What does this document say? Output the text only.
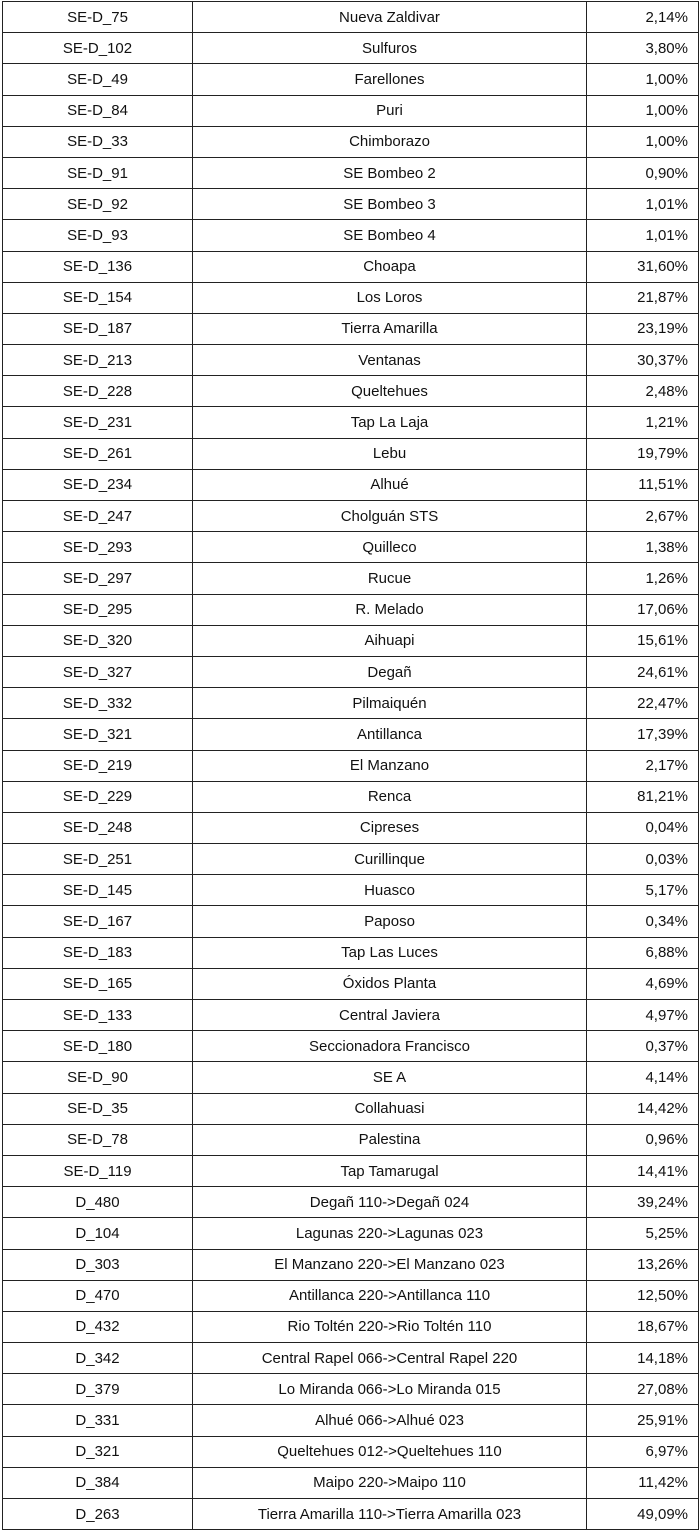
SE-D_75	Nueva Zaldivar	2,14%
SE-D_102	Sulfuros	3,80%
SE-D_49	Farellones	1,00%
SE-D_84	Puri	1,00%
SE-D_33	Chimborazo	1,00%
SE-D_91	SE Bombeo 2	0,90%
SE-D_92	SE Bombeo 3	1,01%
SE-D_93	SE Bombeo 4	1,01%
SE-D_136	Choapa	31,60%
SE-D_154	Los Loros	21,87%
SE-D_187	Tierra Amarilla	23,19%
SE-D_213	Ventanas	30,37%
SE-D_228	Queltehues	2,48%
SE-D_231	Tap La Laja	1,21%
SE-D_261	Lebu	19,79%
SE-D_234	Alhué	11,51%
SE-D_247	Cholguán STS	2,67%
SE-D_293	Quilleco	1,38%
SE-D_297	Rucue	1,26%
SE-D_295	R. Melado	17,06%
SE-D_320	Aihuapi	15,61%
SE-D_327	Degañ	24,61%
SE-D_332	Pilmaiquén	22,47%
SE-D_321	Antillanca	17,39%
SE-D_219	El Manzano	2,17%
SE-D_229	Renca	81,21%
SE-D_248	Cipreses	0,04%
SE-D_251	Curillinque	0,03%
SE-D_145	Huasco	5,17%
SE-D_167	Paposo	0,34%
SE-D_183	Tap Las Luces	6,88%
SE-D_165	Óxidos Planta	4,69%
SE-D_133	Central Javiera	4,97%
SE-D_180	Seccionadora Francisco	0,37%
SE-D_90	SE A	4,14%
SE-D_35	Collahuasi	14,42%
SE-D_78	Palestina	0,96%
SE-D_119	Tap Tamarugal	14,41%
D_480	Degañ 110->Degañ 024	39,24%
D_104	Lagunas 220->Lagunas 023	5,25%
D_303	El Manzano 220->El Manzano 023	13,26%
D_470	Antillanca 220->Antillanca 110	12,50%
D_432	Rio Toltén 220->Rio Toltén 110	18,67%
D_342	Central Rapel 066->Central Rapel 220	14,18%
D_379	Lo Miranda 066->Lo Miranda 015	27,08%
D_331	Alhué 066->Alhué 023	25,91%
D_321	Queltehues 012->Queltehues 110	6,97%
D_384	Maipo 220->Maipo 110	11,42%
D_263	Tierra Amarilla 110->Tierra Amarilla 023	49,09%
